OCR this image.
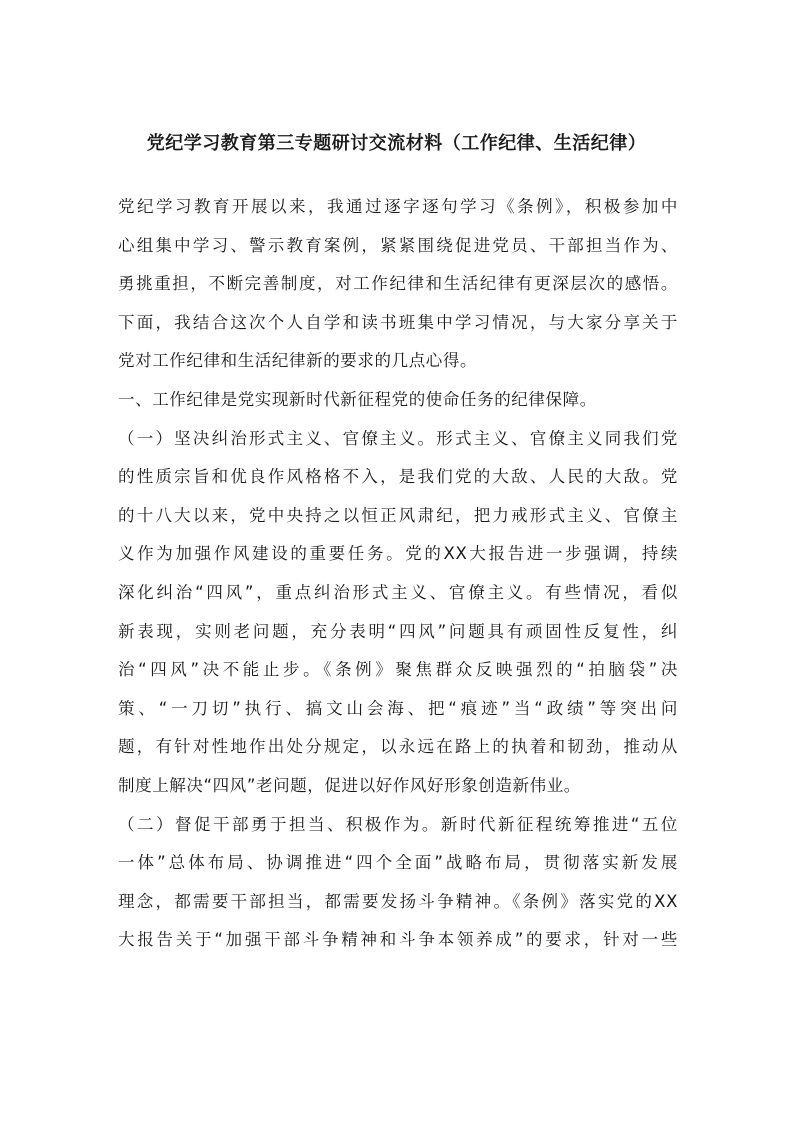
党纪学习教育第三专题研讨交流材料（工作纪律、生活纪律）
党纪学习教育开展以来，我通过逐字逐句学习《条例》，积极参加中
心组集中学习、警示教育案例，紧紧围绕促进党员、干部担当作为、
勇挑重担，不断完善制度，对工作纪律和生活纪律有更深层次的感悟。
下面，我结合这次个人自学和读书班集中学习情况，与大家分享关于
党对工作纪律和生活纪律新的要求的几点心得。
一、工作纪律是党实现新时代新征程党的使命任务的纪律保障。
（一）坚决纠治形式主义、官僚主义。形式主义、官僚主义同我们党
的性质宗旨和优良作风格格不入，是我们党的大敌、人民的大敌。党
的十八大以来，党中央持之以恒正风肃纪，把力戒形式主义、官僚主
义作为加强作风建设的重要任务。党的XX大报告进一步强调，持续
深化纠治“四风”，重点纠治形式主义、官僚主义。有些情况，看似
新表现，实则老问题，充分表明“四风”问题具有顽固性反复性，纠
治“四风”决不能止步。《条例》聚焦群众反映强烈的“拍脑袋”决
策、“一刀切”执行、搞文山会海、把“痕迹”当“政绩”等突出问
题，有针对性地作出处分规定，以永远在路上的执着和韧劲，推动从
制度上解决“四风”老问题，促进以好作风好形象创造新伟业。
（二）督促干部勇于担当、积极作为。新时代新征程统筹推进“五位
一体”总体布局、协调推进“四个全面”战略布局，贯彻落实新发展
理念，都需要干部担当，都需要发扬斗争精神。《条例》落实党的XX
大报告关于“加强干部斗争精神和斗争本领养成”的要求，针对一些
